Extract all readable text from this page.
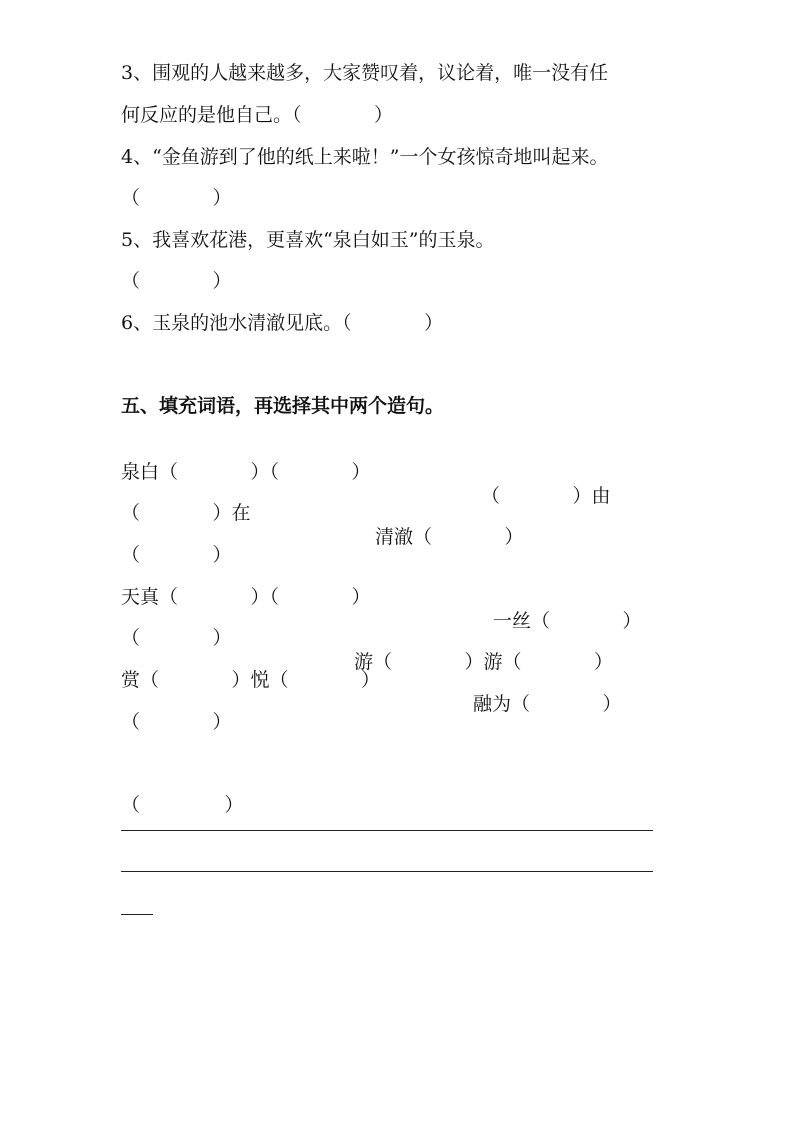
3、围观的人越来越多，大家赞叹着，议论着，唯一没有任
何反应的是他自己。（            ）
4、“金鱼游到了他的纸上来啦！”一个女孩惊奇地叫起来。
（            ）
5、我喜欢花港，更喜欢“泉白如玉”的玉泉。
（            ）
6、玉泉的池水清澈见底。（            ）
五、填充词语，再选择其中两个造句。

泉白（            ）（            ）

（            ）由

（            ）在

清澈（            ）

（            ）

天真（            ）（            ）

一丝（            ）

（            ）

游（            ）游（            ）

赏（            ）悦（            ）

融为（            ）

（            ）

（              ）
